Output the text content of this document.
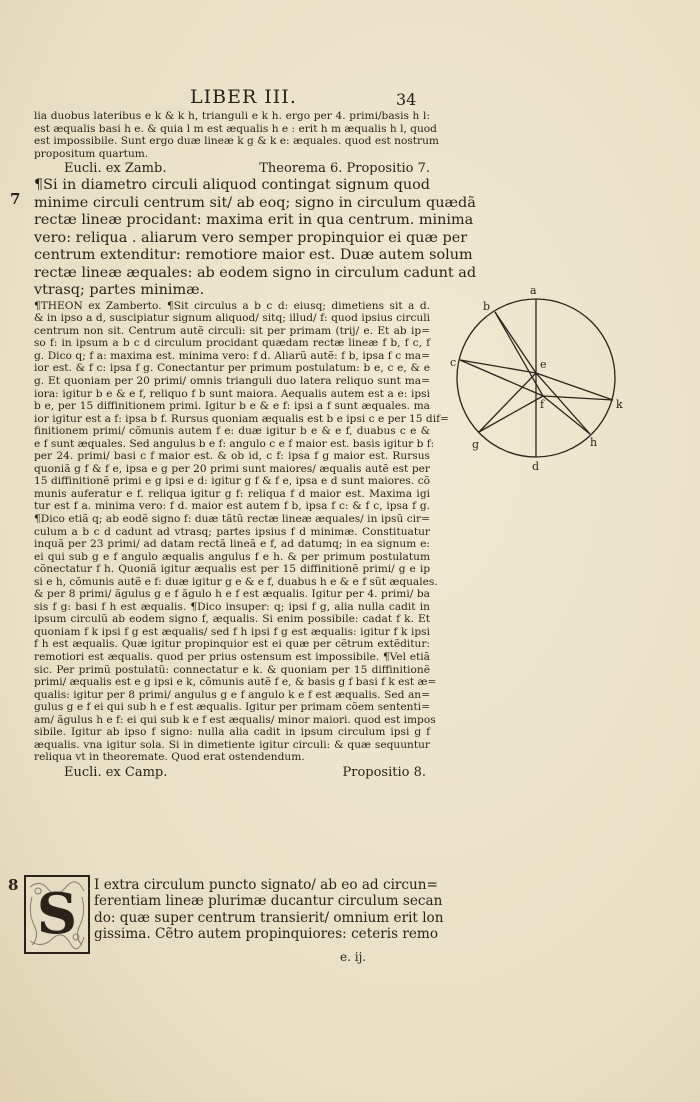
LIBER III.	34
7
8
lia duobus lateribus e k & k h, trianguli e k h. ergo per 4. primi/basis h l:
est æqualis basi h e. & quia l m est æqualis h e : erit h m æqualis h l, quod
est impossibile. Sunt ergo duæ lineæ k g & k e: æquales. quod est nostrum
propositum quartum.
Eucli. ex Zamb.	Theorema 6. Propositio 7.
¶Si in diametro circuli aliquod contingat signum quod
minime circuli centrum sit/ ab eoq; signo in circulum quædã
rectæ lineæ procidant: maxima erit in qua centrum. minima
vero: reliqua . aliarum vero semper propinquior ei quæ per
centrum extenditur: remotiore maior est. Duæ autem solum
rectæ lineæ æquales: ab eodem signo in circulum cadunt ad
vtrasq; partes minimæ.
¶THEON ex Zamberto. ¶Sit circulus a b c d: eiusq; dimetiens sit a d.
& in ipso a d, suscipiatur signum aliquod/ sitq; illud/ f: quod ipsius circuli
centrum non sit. Centrum autẽ circuli: sit per primam (trij/ e. Et ab ip=
so f: in ipsum a b c d circulum procidant quædam rectæ lineæ f b, f c, f
g. Dico q; f a: maxima est. minima vero: f d. Aliarũ autẽ: f b, ipsa f c ma=
ior est. & f c: ipsa f g. Conectantur per primum postulatum: b e, c e, & e
g. Et quoniam per 20 primi/ omnis trianguli duo latera reliquo sunt ma=
iora: igitur b e & e f, reliquo f b sunt maiora. Aequalis autem est a e: ipsi
b e, per 15 diffinitionem primi. Igitur b e & e f: ipsi a f sunt æquales. ma
ior igitur est a f: ipsa b f. Rursus quoniam æqualis est b e ipsi c e per 15 dif=
finitionem primi/ cõmunis autem f e: duæ igitur b e & e f, duabus c e &
e f sunt æquales. Sed angulus b e f: angulo c e f maior est. basis igitur b f:
per 24. primi/ basi c f maior est. & ob id, c f: ipsa f g maior est. Rursus
quoniã g f & f e, ipsa e g per 20 primi sunt maiores/ æqualis autẽ est per
15 diffinitionẽ primi e g ipsi e d: igitur g f & f e, ipsa e d sunt maiores. cõ
munis auferatur e f. reliqua igitur g f: reliqua f d maior est. Maxima igi
tur est f a. minima vero: f d. maior est autem f b, ipsa f c: & f c, ipsa f g.
¶Dico etiã q; ab eodẽ signo f: duæ tãtũ rectæ lineæ æquales/ in ipsũ cir=
culum a b c d cadunt ad vtrasq; partes ipsius f d minimæ. Constituatur
inquã per 23 primi/ ad datam rectã lineã e f, ad datumq; in ea signum e:
ei qui sub g e f angulo æqualis angulus f e h. & per primum postulatum
cõnectatur f h. Quoniã igitur æqualis est per 15 diffinitionẽ primi/ g e ip
si e h, cõmunis autẽ e f: duæ igitur g e & e f, duabus h e & e f sũt æquales.
& per 8 primi/ ãgulus g e f ãgulo h e f est æqualis. Igitur per 4. primi/ ba
sis f g: basi f h est æqualis. ¶Dico insuper: q; ipsi f g, alia nulla cadit in
ipsum circulũ ab eodem signo f, æqualis. Si enim possibile: cadat f k. Et
quoniam f k ipsi f g est æqualis/ sed f h ipsi f g est æqualis: igitur f k ipsi
f h est æqualis. Quæ igitur propinquior est ei quæ per cẽtrum extẽditur:
remotiori est æqualis. quod per prius ostensum est impossibile. ¶Vel etiã
sic. Per primũ postulatũ: connectatur e k. & quoniam per 15 diffinitionẽ
primi/ æqualis est e g ipsi e k, cõmunis autẽ f e, & basis g f basi f k est æ=
qualis: igitur per 8 primi/ angulus g e f angulo k e f est æqualis. Sed an=
gulus g e f ei qui sub h e f est æqualis. Igitur per primam cõem sententi=
am/ ãgulus h e f: ei qui sub k e f est æqualis/ minor maiori. quod est impos
sibile. Igitur ab ipso f signo: nulla alia cadit in ipsum circulum ipsi g f
æqualis. vna igitur sola. Si in dimetiente igitur circuli: & quæ sequuntur
reliqua vt in theoremate. Quod erat ostendendum.
Eucli. ex Camp.	Propositio 8.
S	I extra circulum puncto signato/ ab eo ad circun=
ferentiam lineæ plurimæ ducantur circulum secan
do: quæ super centrum transierit/ omnium erit lon
gissima. Cẽtro autem propinquiores: ceteris remo
e. ij.
a
b
c
d
e
f
g	h
k
